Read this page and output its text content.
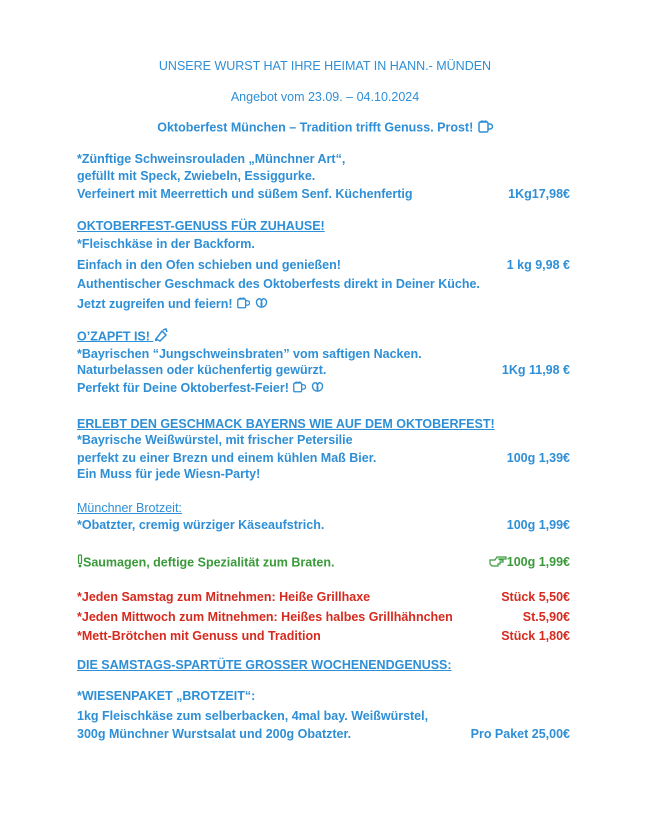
UNSERE WURST HAT IHRE HEIMAT IN HANN.- MÜNDEN
Angebot vom 23.09. – 04.10.2024
Oktoberfest München – Tradition trifft Genuss. Prost!
*Zünftige Schweinsrouladen „Münchner Art“,
gefüllt mit Speck, Zwiebeln, Essiggurke.
Verfeinert mit Meerrettich und süßem Senf. Küchenfertig	1Kg17,98€
OKTOBERFEST-GENUSS FÜR ZUHAUSE!
*Fleischkäse in der Backform.
Einfach in den Ofen schieben und genießen!	1 kg 9,98 €
Authentischer Geschmack des Oktoberfests direkt in Deiner Küche.
Jetzt zugreifen und feiern!
O’ZAPFT IS!
*Bayrischen “Jungschweinsbraten” vom saftigen Nacken.
Naturbelassen oder küchenfertig gewürzt.	1Kg 11,98 €
Perfekt für Deine Oktoberfest-Feier!
ERLEBT DEN GESCHMACK BAYERNS WIE AUF DEM OKTOBERFEST!
*Bayrische Weißwürstel, mit frischer Petersilie
perfekt zu einer Brezn und einem kühlen Maß Bier.	100g 1,39€
Ein Muss für jede Wiesn-Party!
Münchner Brotzeit:
*Obatzter, cremig würziger Käseaufstrich.	100g 1,99€
Saumagen, deftige Spezialität zum Braten.	100g 1,99€
*Jeden Samstag zum Mitnehmen: Heiße Grillhaxe	Stück 5,50€
*Jeden Mittwoch zum Mitnehmen: Heißes halbes Grillhähnchen	St.5,90€
*Mett-Brötchen mit Genuss und Tradition	Stück 1,80€
DIE SAMSTAGS-SPARTÜTE GROSSER WOCHENENDGENUSS:
*WIESENPAKET „BROTZEIT“:
1kg Fleischkäse zum selberbacken, 4mal bay. Weißwürstel,
300g Münchner Wurstsalat und 200g Obatzter.	Pro Paket 25,00€
